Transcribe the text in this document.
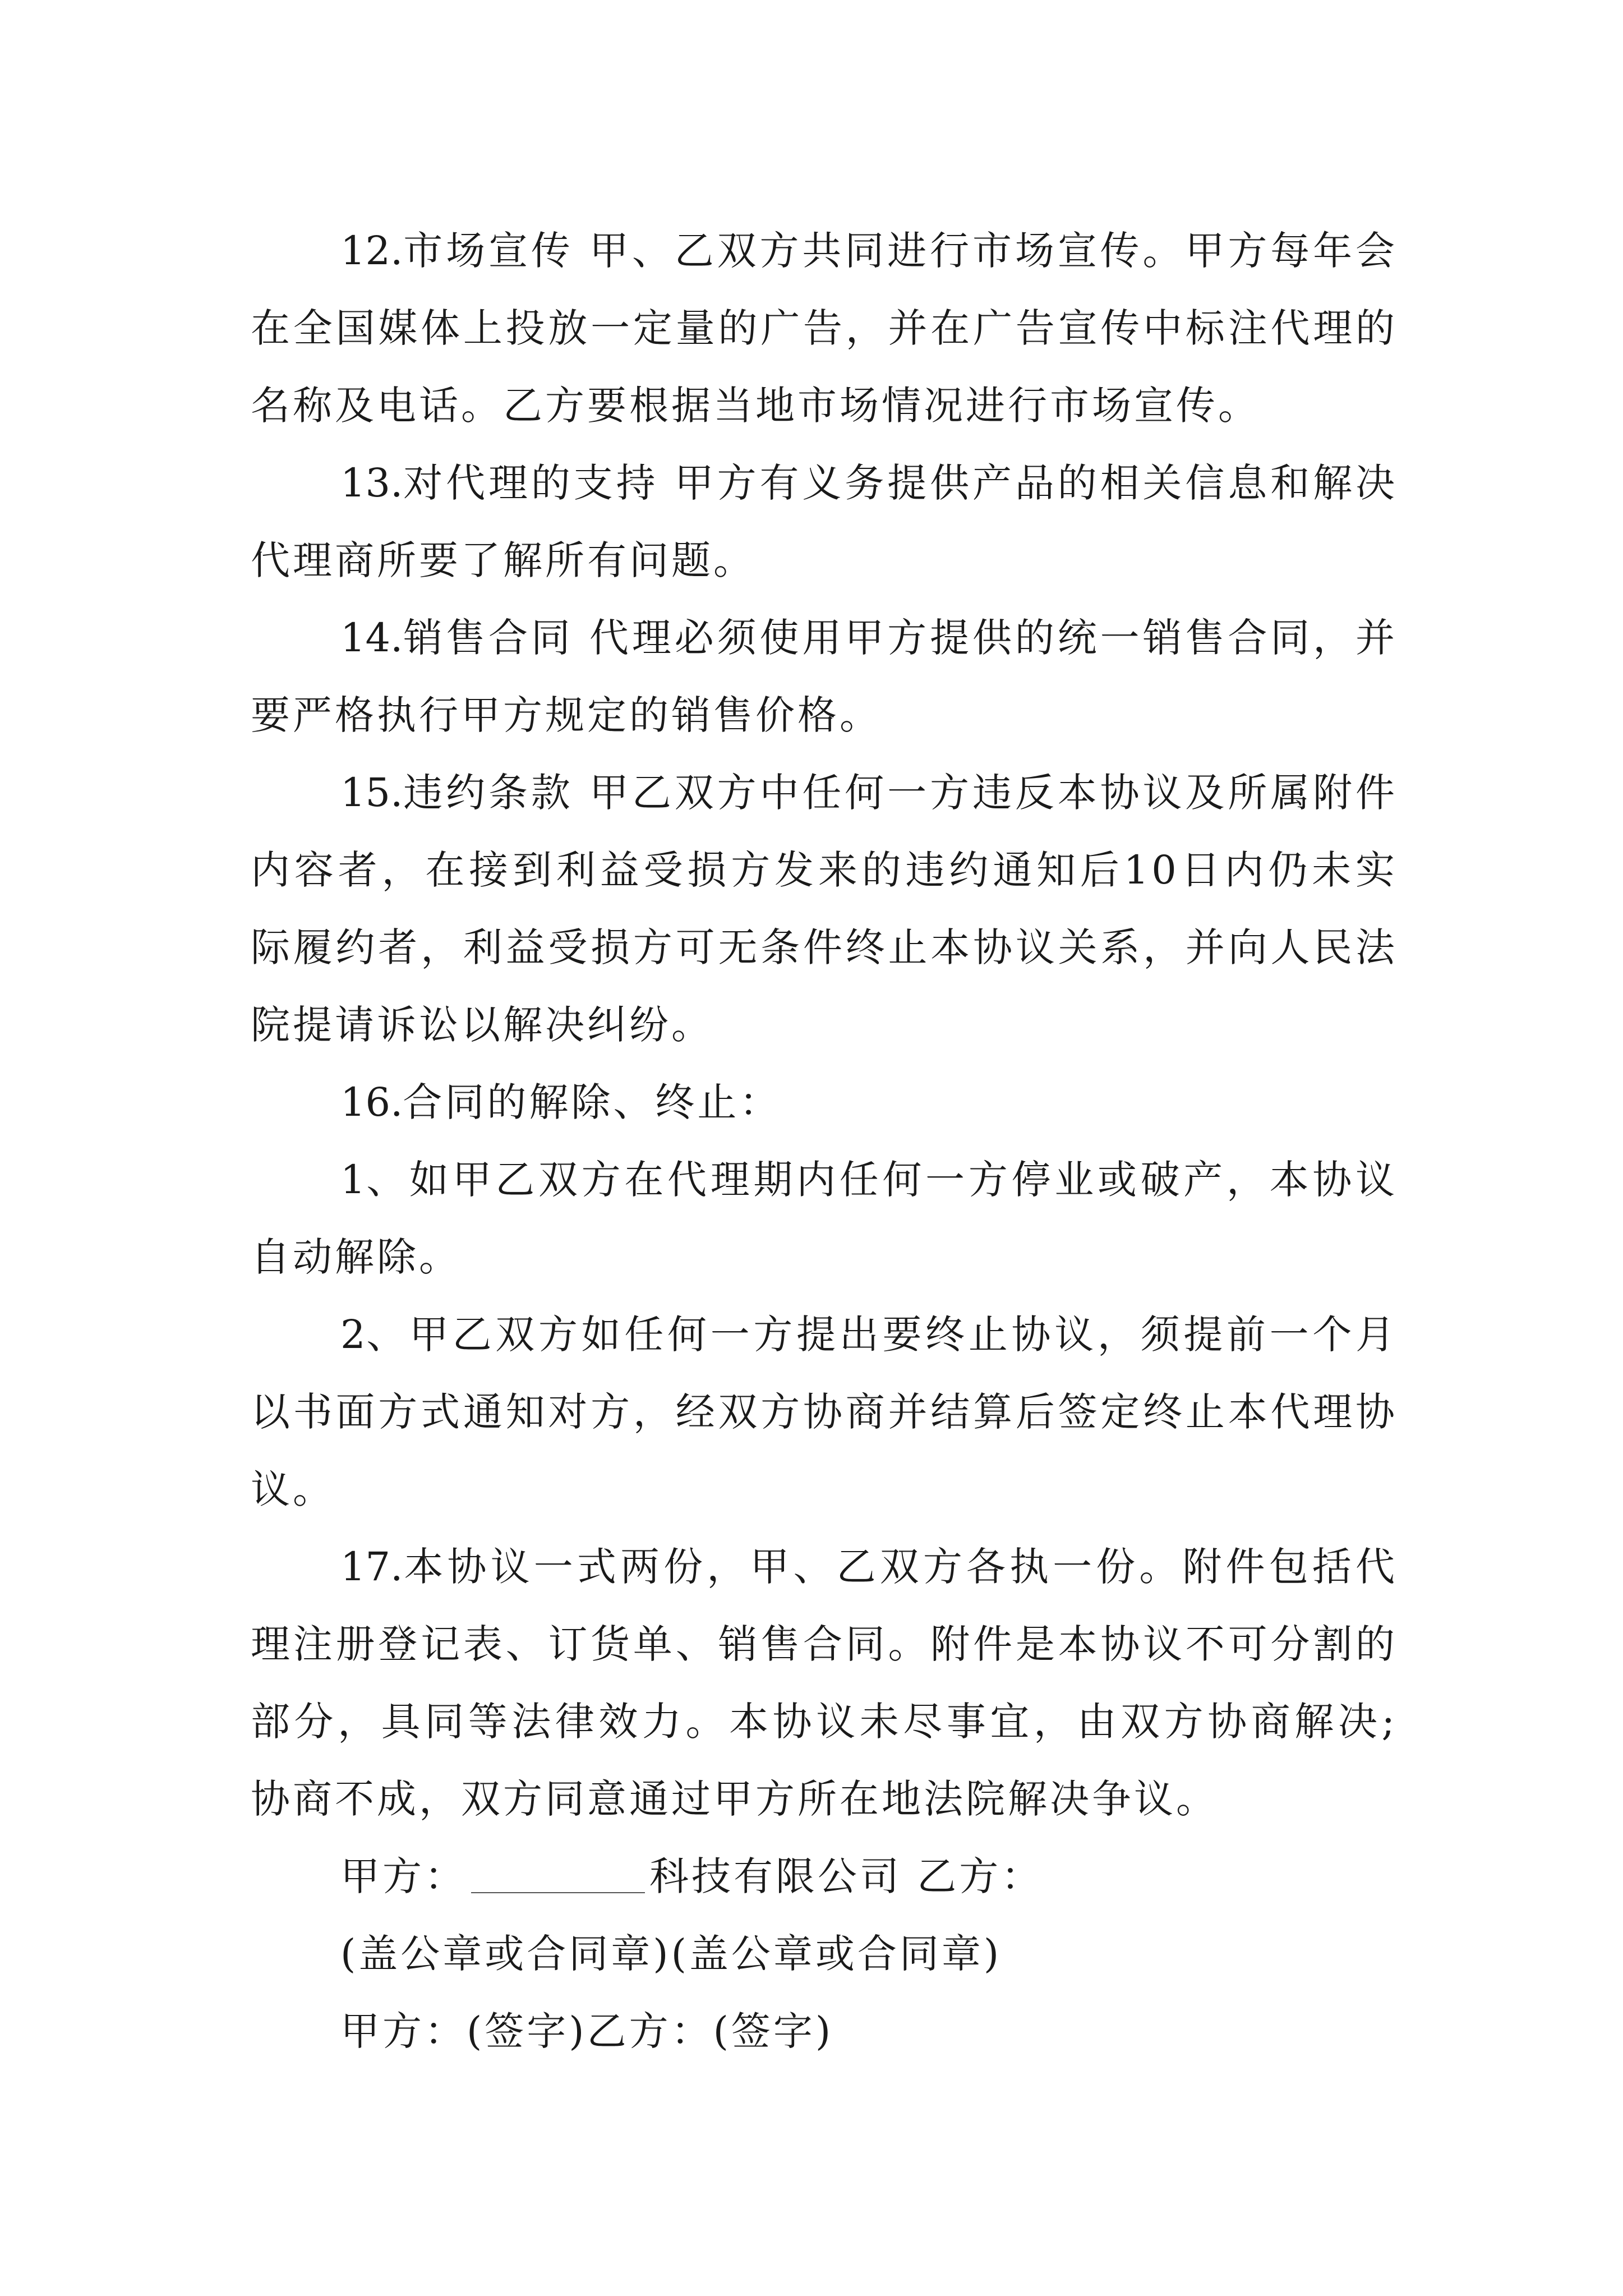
12.市场宣传 甲、乙双方共同进行市场宣传。甲方每年会在全国媒体上投放一定量的广告，并在广告宣传中标注代理的名称及电话。乙方要根据当地市场情况进行市场宣传。

13.对代理的支持 甲方有义务提供产品的相关信息和解决代理商所要了解所有问题。

14.销售合同 代理必须使用甲方提供的统一销售合同，并要严格执行甲方规定的销售价格。

15.违约条款 甲乙双方中任何一方违反本协议及所属附件内容者，在接到利益受损方发来的违约通知后10日内仍未实际履约者，利益受损方可无条件终止本协议关系，并向人民法院提请诉讼以解决纠纷。

16.合同的解除、终止：

1、如甲乙双方在代理期内任何一方停业或破产，本协议自动解除。

2、甲乙双方如任何一方提出要终止协议，须提前一个月以书面方式通知对方，经双方协商并结算后签定终止本代理协议。

17.本协议一式两份，甲、乙双方各执一份。附件包括代理注册登记表、订货单、销售合同。附件是本协议不可分割的部分，具同等法律效力。本协议未尽事宜，由双方协商解决;协商不成，双方同意通过甲方所在地法院解决争议。

甲方：	科技有限公司 乙方：

(盖公章或合同章)(盖公章或合同章)

甲方：(签字)乙方：(签字)
